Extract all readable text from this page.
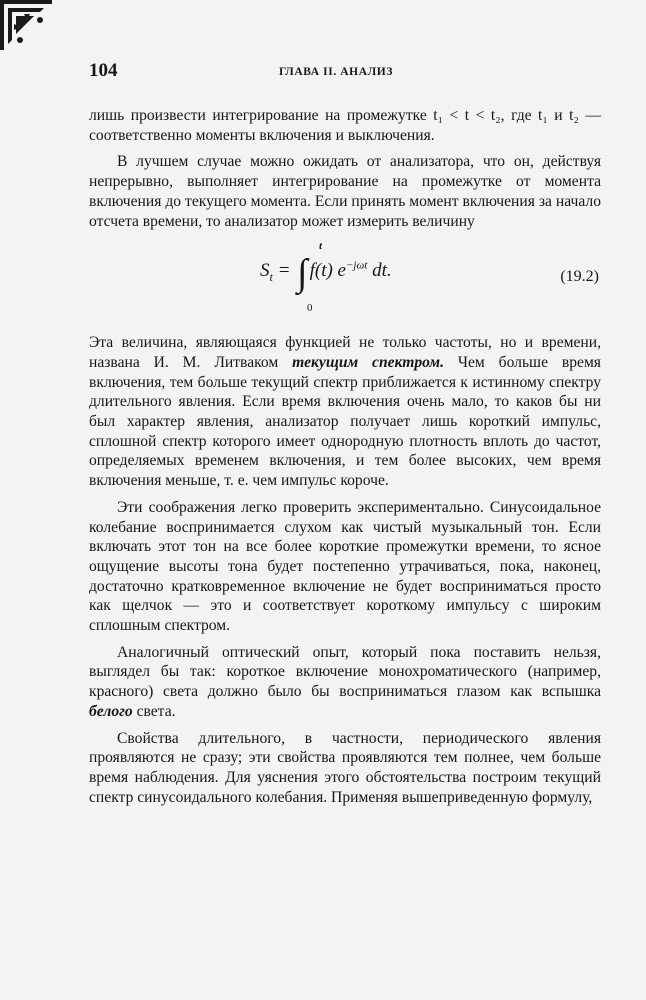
104	ГЛАВА II. АНАЛИЗ

лишь произвести интегрирование на промежутке t₁ < t < t₂, где t₁ и t₂ — соответственно моменты включения и выключения.

В лучшем случае можно ожидать от анализатора, что он, действуя непрерывно, выполняет интегрирование на промежутке от момента включения до текущего момента. Если принять момент включения за начало отсчета времени, то анализатор может измерить величину

t
$S_t$ = ∫ f(t) $e^{-j\omega t}$ dt.
0
(19.2)

Эта величина, являющаяся функцией не только частоты, но и времени, названа И. М. Литваком текущим спектром. Чем больше время включения, тем больше текущий спектр приближается к истинному спектру длительного явления. Если время включения очень мало, то каков бы ни был характер явления, анализатор получает лишь короткий импульс, сплошной спектр которого имеет однородную плотность вплоть до частот, определяемых временем включения, и тем более высоких, чем время включения меньше, т. е. чем импульс короче.

Эти соображения легко проверить экспериментально. Синусоидальное колебание воспринимается слухом как чистый музыкальный тон. Если включать этот тон на все более короткие промежутки времени, то ясное ощущение высоты тона будет постепенно утрачиваться, пока, наконец, достаточно кратковременное включение не будет восприниматься просто как щелчок — это и соответствует короткому импульсу с широким сплошным спектром.

Аналогичный оптический опыт, который пока поставить нельзя, выглядел бы так: короткое включение монохроматического (например, красного) света должно было бы восприниматься глазом как вспышка белого света.

Свойства длительного, в частности, периодического явления проявляются не сразу; эти свойства проявляются тем полнее, чем больше время наблюдения. Для уяснения этого обстоятельства построим текущий спектр синусоидального колебания. Применяя вышеприведенную формулу,
